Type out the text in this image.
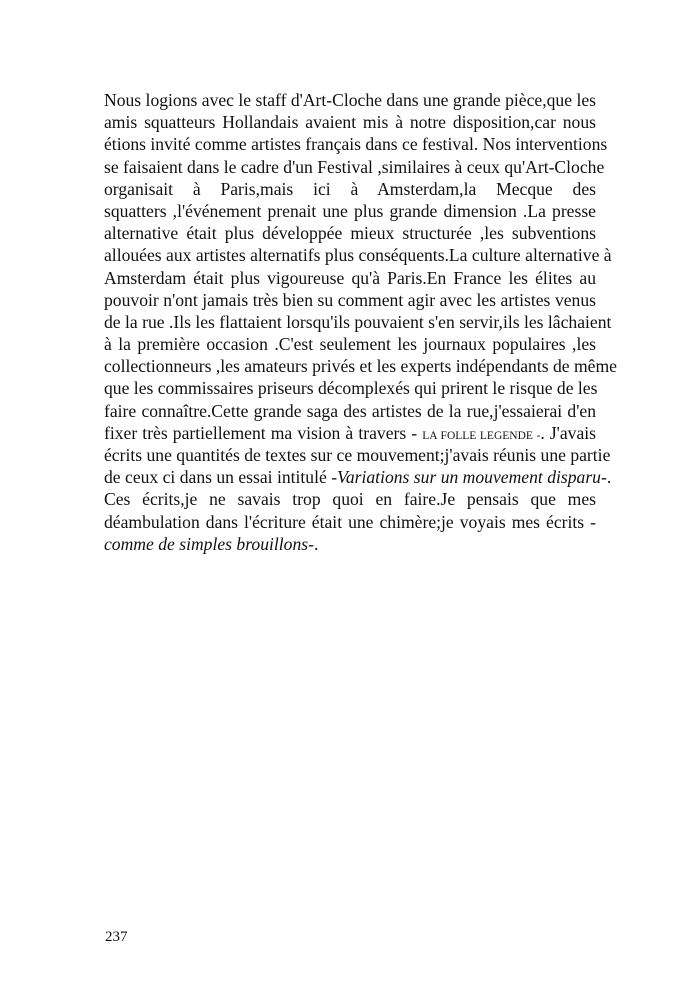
Nous logions avec le staff d'Art-Cloche dans une grande pièce,que les
amis squatteurs Hollandais avaient mis à notre disposition,car nous
étions invité comme artistes français dans ce festival. Nos interventions
se faisaient dans le cadre d'un Festival ,similaires à ceux qu'Art-Cloche
organisait à Paris,mais ici à Amsterdam,la Mecque des
squatters ,l'événement prenait une plus grande dimension .La presse
alternative était plus développée mieux structurée ,les subventions
allouées aux artistes alternatifs plus conséquents.La culture alternative à
Amsterdam était plus vigoureuse qu'à Paris.En France les élites au
pouvoir n'ont jamais très bien su comment agir avec les artistes venus
de la rue .Ils les flattaient lorsqu'ils pouvaient s'en servir,ils les lâchaient
à la première occasion .C'est seulement les journaux populaires ,les
collectionneurs ,les amateurs privés et les experts indépendants de même
que les commissaires priseurs décomplexés qui prirent le risque de les
faire connaître.Cette grande saga des artistes de la rue,j'essaierai d'en
fixer très partiellement ma vision à travers - LA FOLLE LEGENDE -. J'avais
écrits une quantités de textes sur ce mouvement;j'avais réunis une partie
de ceux ci dans un essai intitulé -Variations sur un mouvement disparu-.
Ces écrits,je ne savais trop quoi en faire.Je pensais que mes
déambulation dans l'écriture était une chimère;je voyais mes écrits -
comme de simples brouillons-.

237
